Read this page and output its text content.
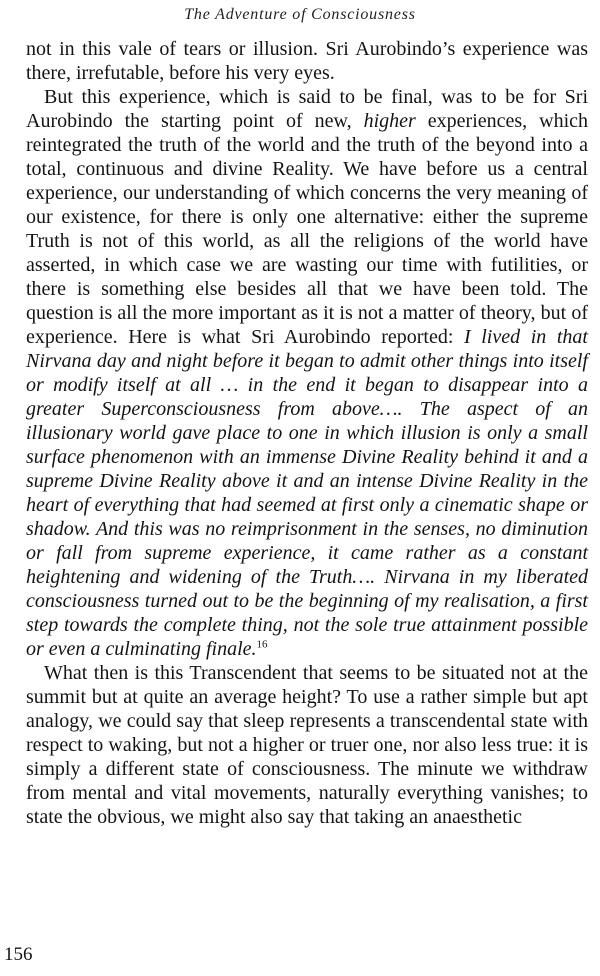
The Adventure of Consciousness

not in this vale of tears or illusion. Sri Aurobindo’s experience was there, irrefutable, before his very eyes.

But this experience, which is said to be final, was to be for Sri Aurobindo the starting point of new, higher experiences, which reintegrated the truth of the world and the truth of the beyond into a total, continuous and divine Reality. We have before us a central experience, our understanding of which concerns the very meaning of our existence, for there is only one alternative: either the supreme Truth is not of this world, as all the religions of the world have asserted, in which case we are wasting our time with futilities, or there is something else besides all that we have been told. The question is all the more important as it is not a matter of theory, but of experience. Here is what Sri Aurobindo reported: I lived in that Nirvana day and night before it began to admit other things into itself or modify itself at all … in the end it began to disappear into a greater Superconsciousness from above…. The aspect of an illusionary world gave place to one in which illusion is only a small surface phenomenon with an immense Divine Reality behind it and a supreme Divine Reality above it and an intense Divine Reality in the heart of everything that had seemed at first only a cinematic shape or shadow. And this was no reimprisonment in the senses, no diminution or fall from supreme experience, it came rather as a constant heightening and widening of the Truth…. Nirvana in my liberated consciousness turned out to be the beginning of my realisation, a first step towards the complete thing, not the sole true attainment possible or even a culminating finale.$^{16}$

What then is this Transcendent that seems to be situated not at the summit but at quite an average height? To use a rather simple but apt analogy, we could say that sleep represents a transcendental state with respect to waking, but not a higher or truer one, nor also less true: it is simply a different state of consciousness. The minute we withdraw from mental and vital movements, naturally everything vanishes; to state the obvious, we might also say that taking an anaesthetic

156
